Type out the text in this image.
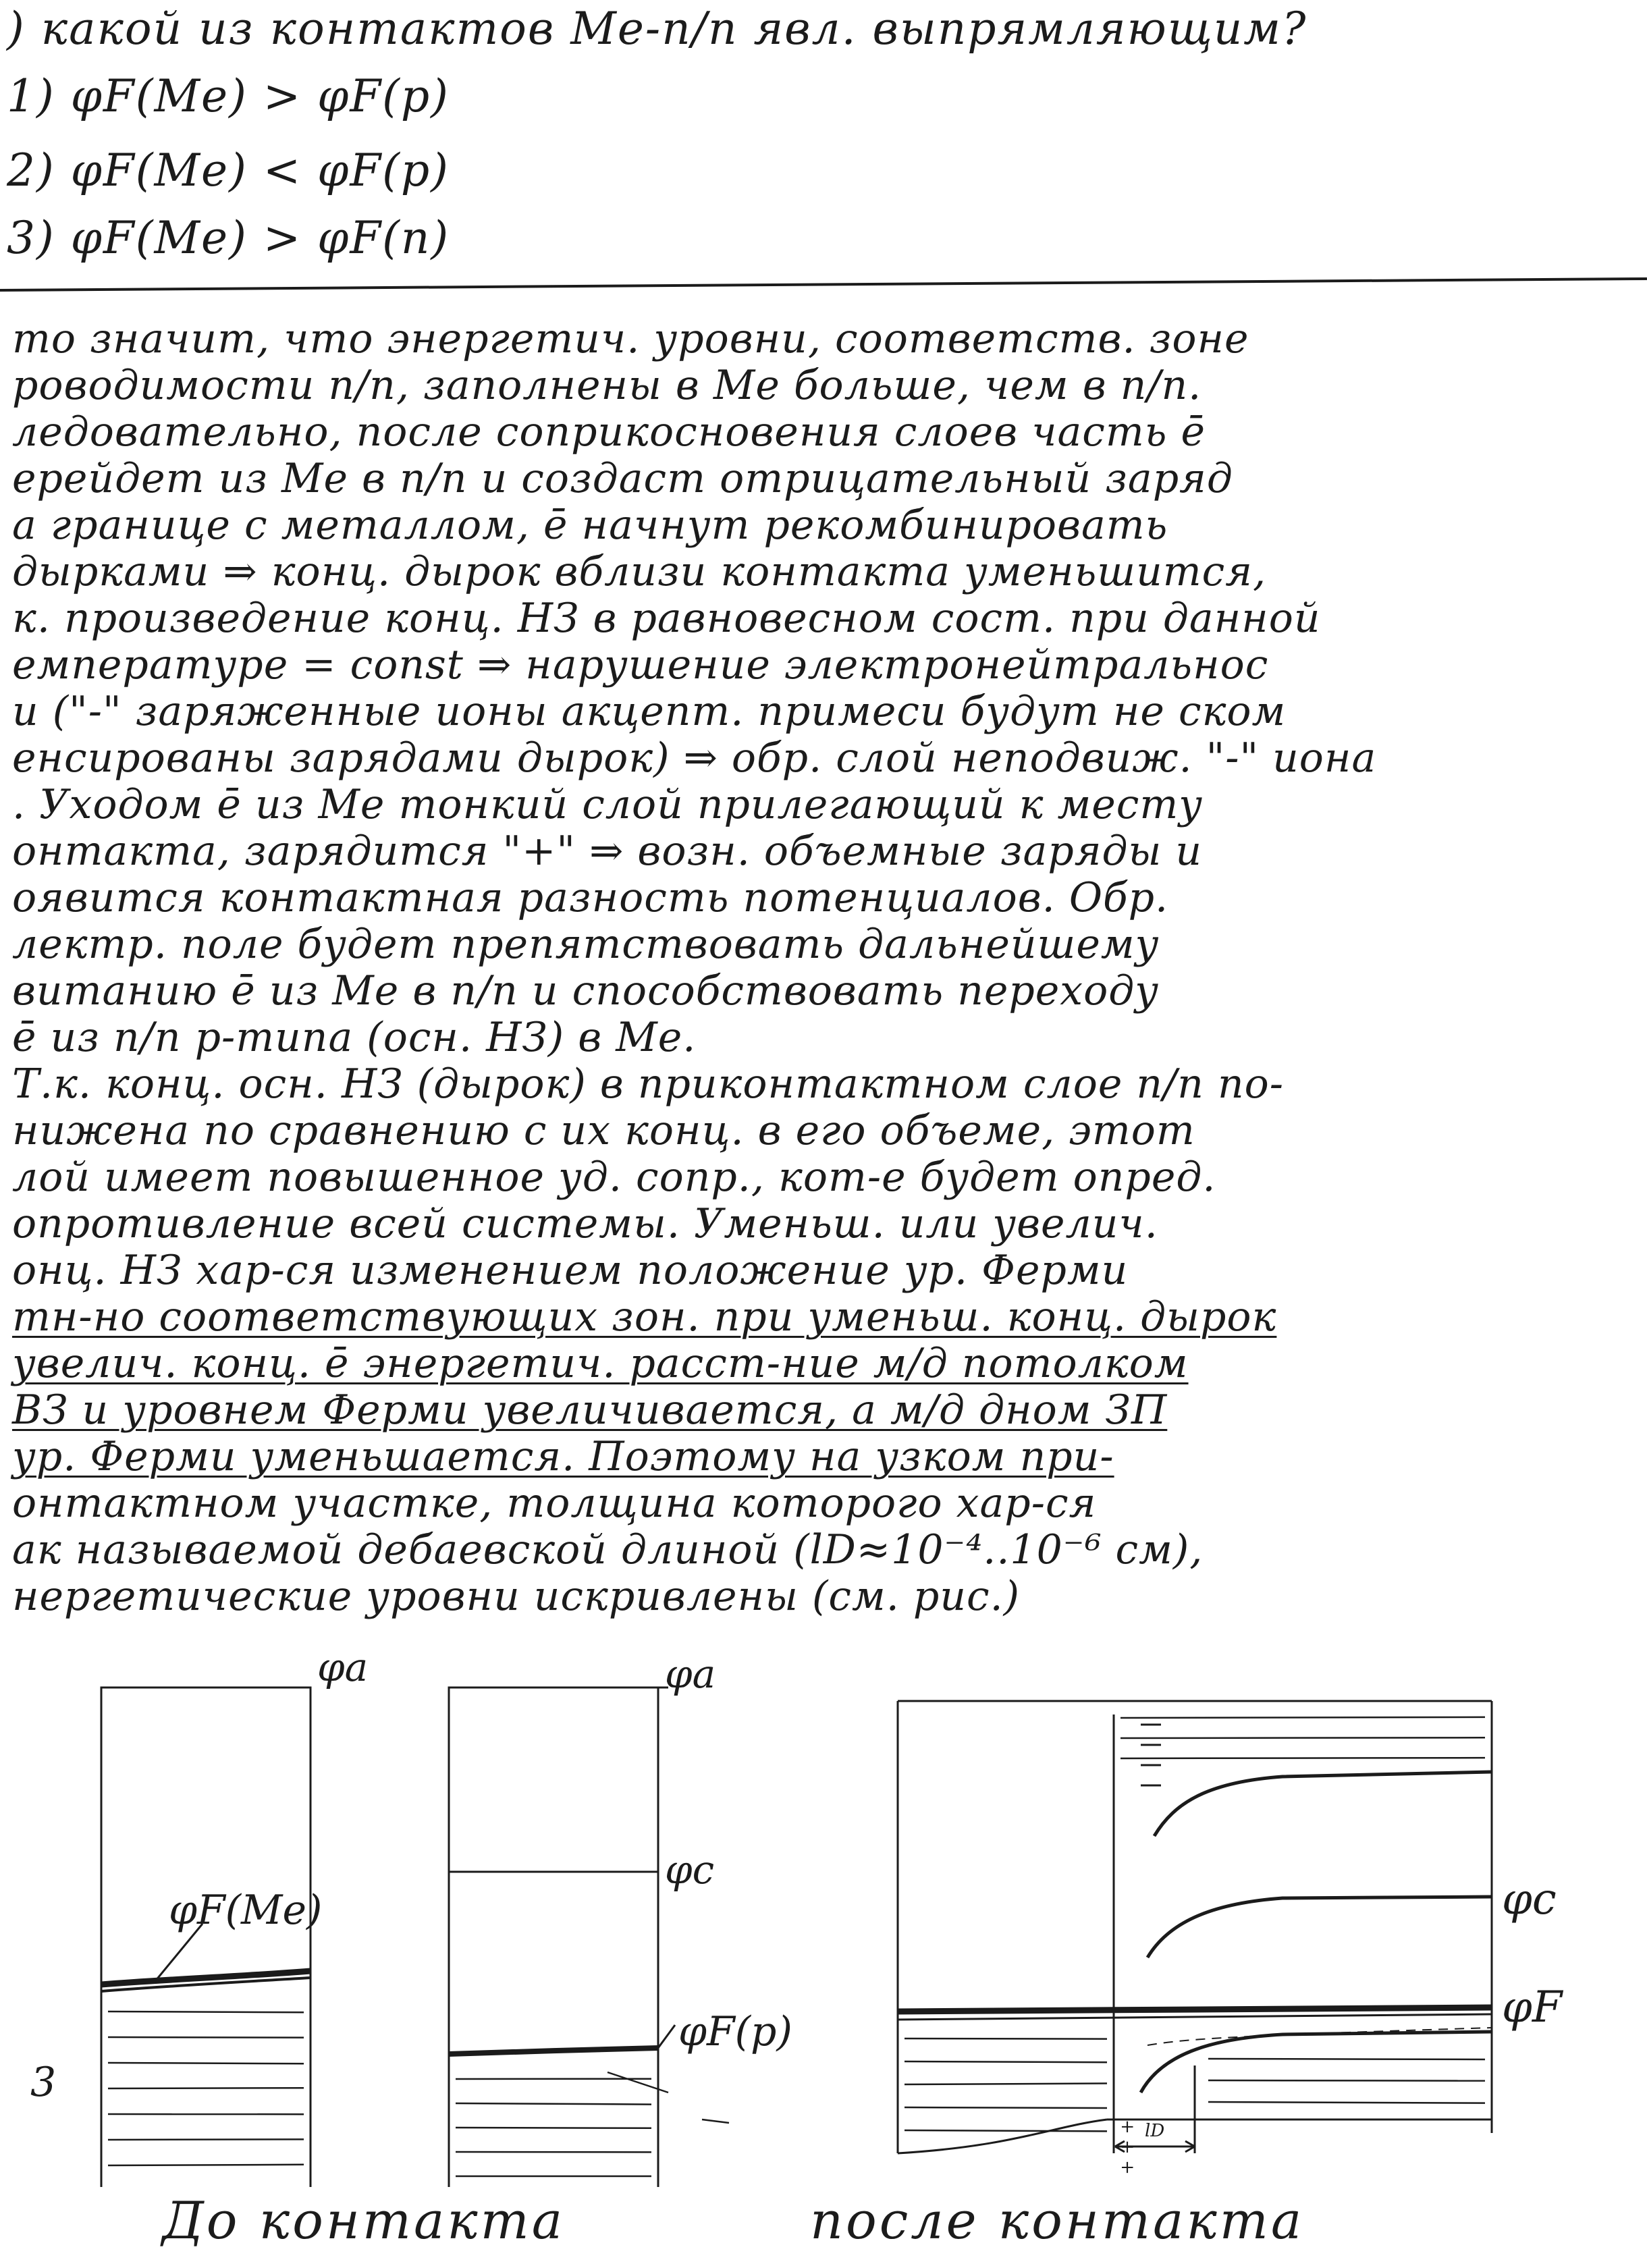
) какой из контактов Ме-п/п явл. выпрямляющим?
1) φF(Me) > φF(p)
2) φF(Me) < φF(p)
3) φF(Me) > φF(n)
то значит, что энергетич. уровни, соответств. зоне
роводимости п/п, заполнены в Ме больше, чем в п/п.
ледовательно, после соприкосновения слоев часть ē
ерейдет из Ме в п/п и создаст отрицательный заряд
а границе с металлом, ē начнут рекомбинировать
дырками ⇒ конц. дырок вблизи контакта уменьшится,
к. произведение конц. НЗ в равновесном сост. при данной
емпературе = const ⇒ нарушение электронейтральнос
и ("-" заряженные ионы акцепт. примеси будут не ском
енсированы зарядами дырок) ⇒ обр. слой неподвиж. "-" иона
. Уходом ē из Ме тонкий слой прилегающий к месту
онтакта, зарядится "+" ⇒ возн. объемные заряды и
оявится контактная разность потенциалов. Обр.
лектр. поле будет препятствовать дальнейшему
витанию ē из Ме в п/п и способствовать переходу
ē из п/п p-типа (осн. НЗ) в Ме.
Т.к. конц. осн. НЗ (дырок) в приконтактном слое п/п по-
нижена по сравнению с их конц. в его объеме, этот
лой имеет повышенное уд. сопр., кот-е будет опред.
опротивление всей системы. Уменьш. или увелич.
онц. НЗ хар-ся изменением положение ур. Ферми
тн-но соответствующих зон. при уменьш. конц. дырок
увелич. конц. ē энергетич. расст-ние м/д потолком
ВЗ и уровнем Ферми увеличивается, а м/д дном ЗП
ур. Ферми уменьшается. Поэтому на узком при-
онтактном участке, толщина которого хар-ся
ак называемой дебаевской длиной (lD≈10⁻⁴..10⁻⁶ см),
нергетические уровни искривлены (см. рис.)
φa
φF(Me)
3
φa
φc
φF(p)
φc
φF
+ + + lD
До контакта	после контакта
